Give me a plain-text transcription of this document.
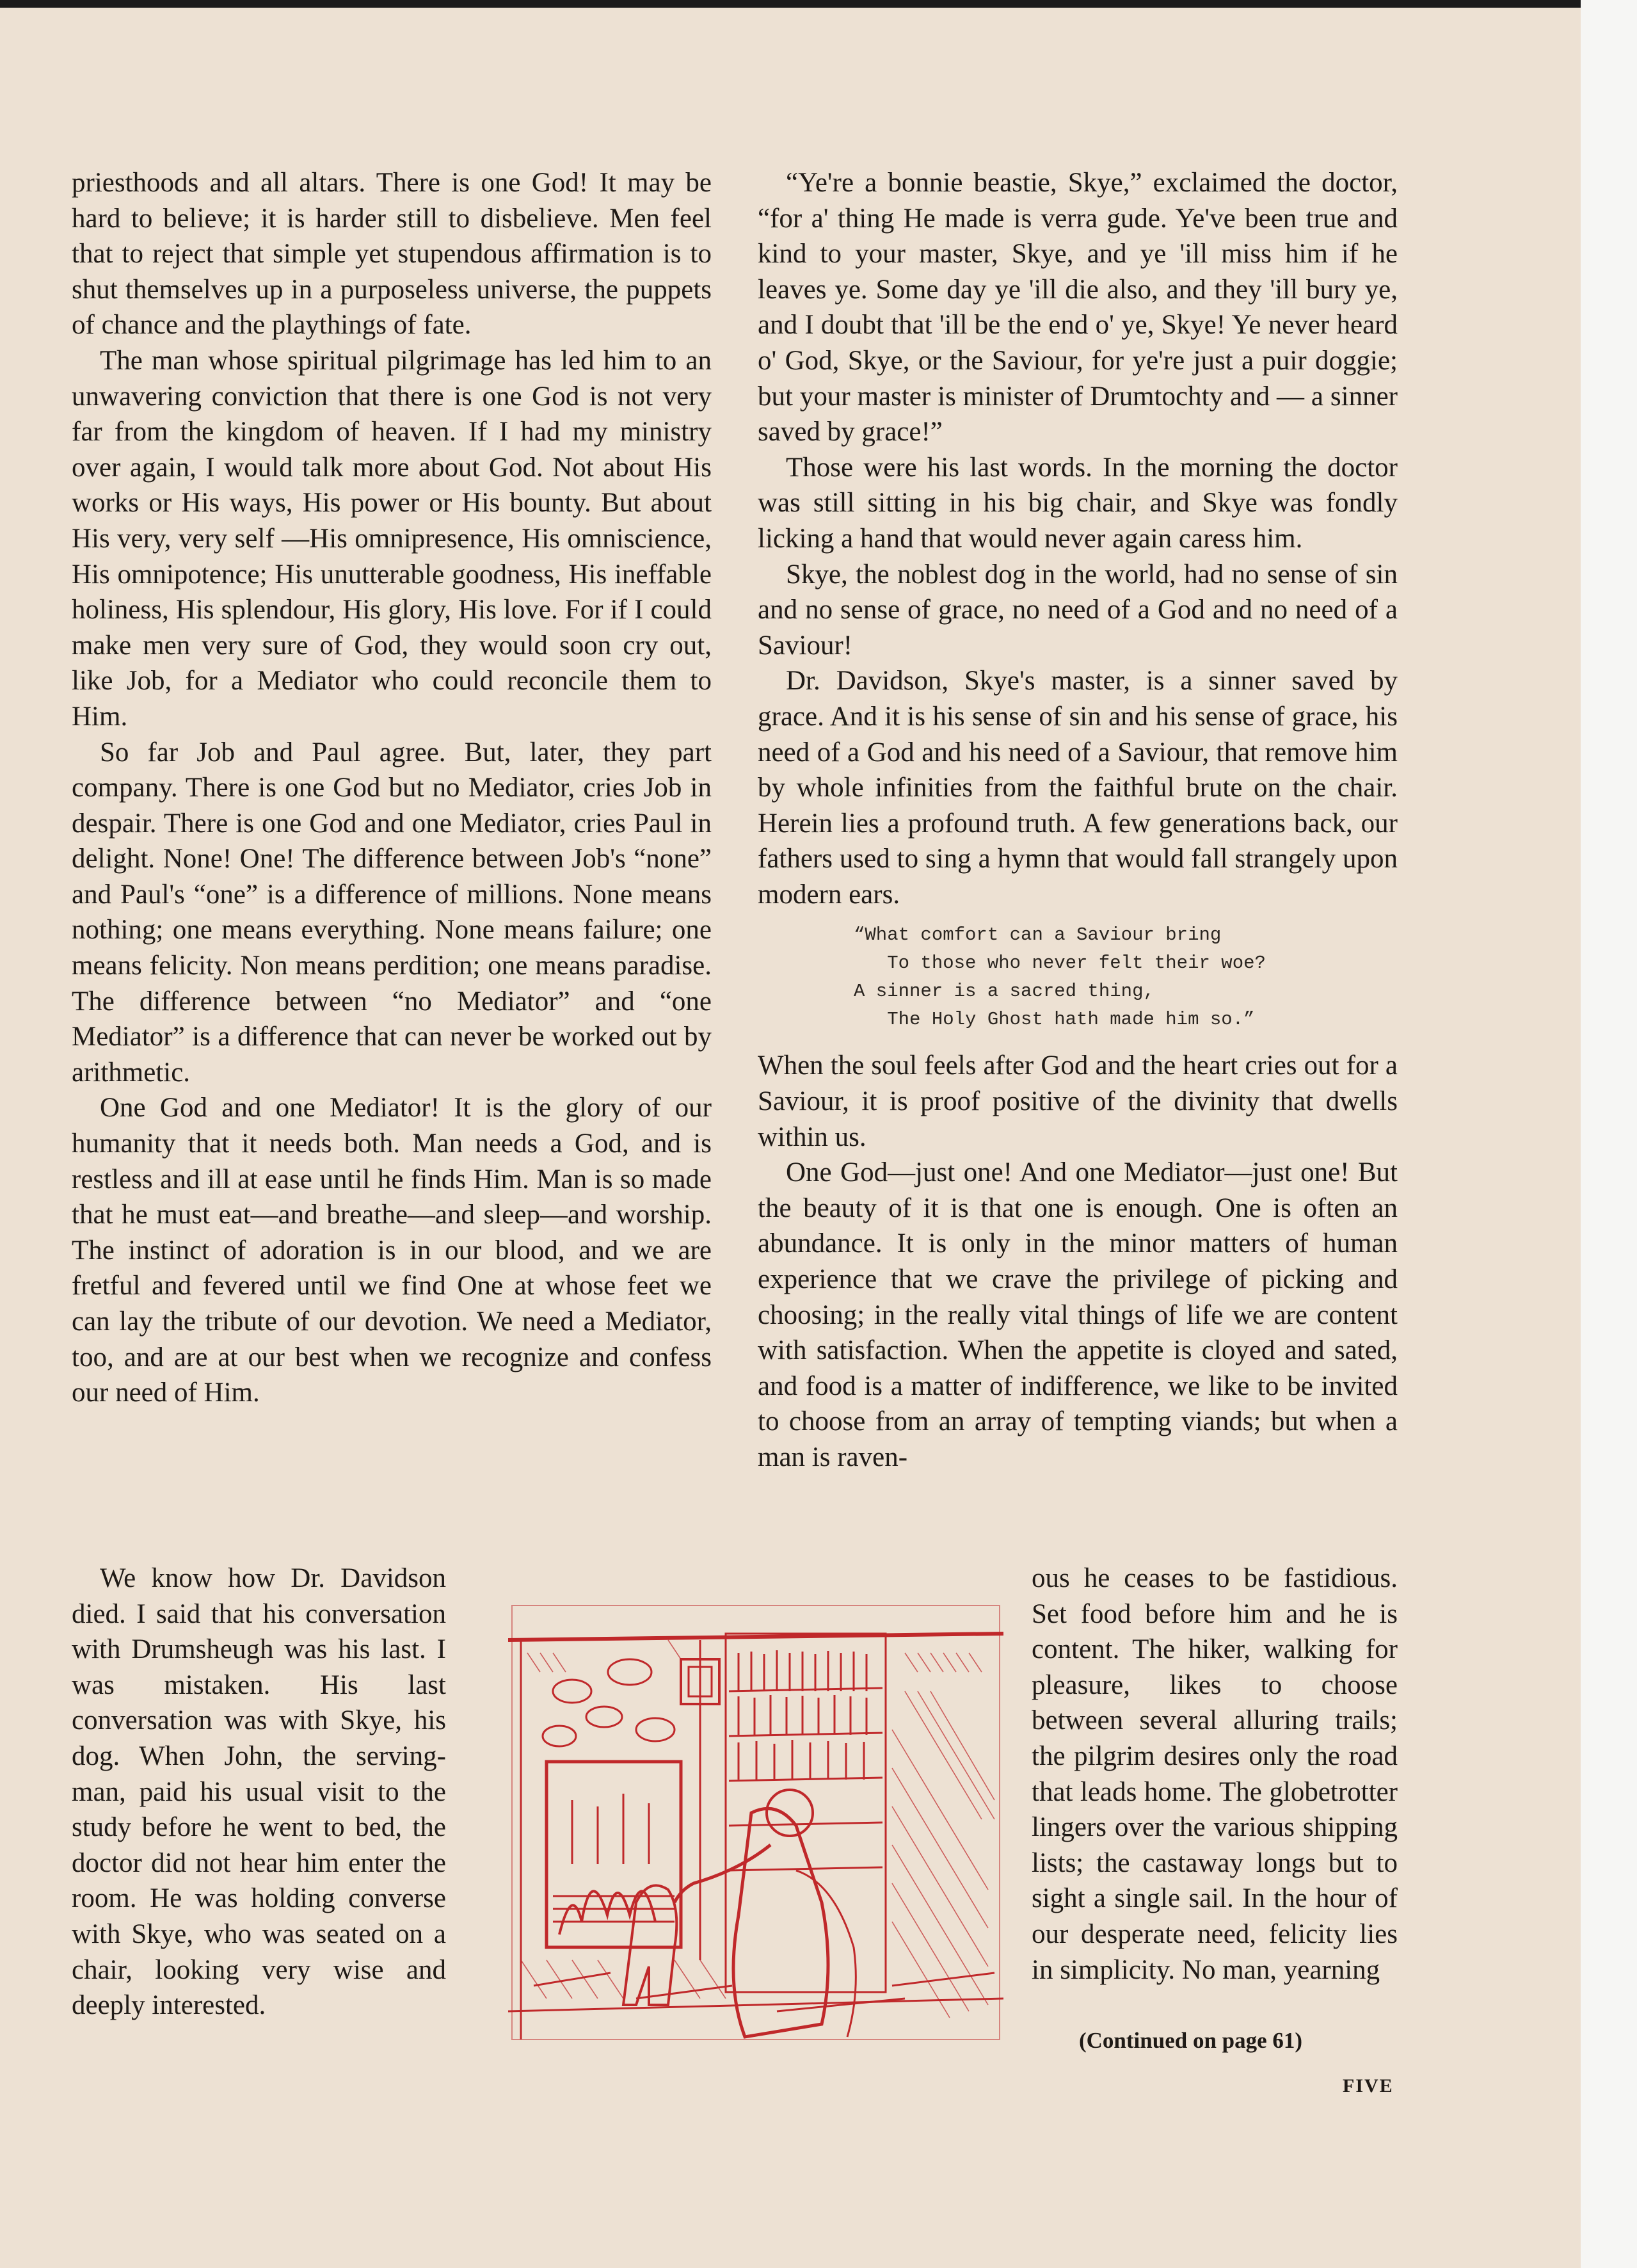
priesthoods and all altars. There is one God! It may be hard to believe; it is harder still to disbelieve. Men feel that to reject that simple yet stupendous affirmation is to shut themselves up in a purposeless universe, the puppets of chance and the playthings of fate.

The man whose spiritual pilgrimage has led him to an unwavering conviction that there is one God is not very far from the kingdom of heaven. If I had my ministry over again, I would talk more about God. Not about His works or His ways, His power or His bounty. But about His very, very self —His omnipresence, His omniscience, His omnipotence; His unutterable goodness, His ineffable holiness, His splendour, His glory, His love. For if I could make men very sure of God, they would soon cry out, like Job, for a Mediator who could reconcile them to Him.

So far Job and Paul agree. But, later, they part company. There is one God but no Mediator, cries Job in despair. There is one God and one Mediator, cries Paul in delight. None! One! The difference between Job's “none” and Paul's “one” is a difference of millions. None means nothing; one means everything. None means failure; one means felicity. Non means perdition; one means paradise. The difference between “no Mediator” and “one Mediator” is a difference that can never be worked out by arithmetic.

One God and one Mediator! It is the glory of our humanity that it needs both. Man needs a God, and is restless and ill at ease until he finds Him. Man is so made that he must eat—and breathe—and sleep—and worship. The instinct of adoration is in our blood, and we are fretful and fevered until we find One at whose feet we can lay the tribute of our devotion. We need a Mediator, too, and are at our best when we recognize and confess our need of Him.

“Ye're a bonnie beastie, Skye,” exclaimed the doctor, “for a' thing He made is verra gude. Ye've been true and kind to your master, Skye, and ye 'ill miss him if he leaves ye. Some day ye 'ill die also, and they 'ill bury ye, and I doubt that 'ill be the end o' ye, Skye! Ye never heard o' God, Skye, or the Saviour, for ye're just a puir doggie; but your master is minister of Drumtochty and — a sinner saved by grace!”

Those were his last words. In the morning the doctor was still sitting in his big chair, and Skye was fondly licking a hand that would never again caress him.

Skye, the noblest dog in the world, had no sense of sin and no sense of grace, no need of a God and no need of a Saviour!

Dr. Davidson, Skye's master, is a sinner saved by grace. And it is his sense of sin and his sense of grace, his need of a God and his need of a Saviour, that remove him by whole infinities from the faithful brute on the chair. Herein lies a profound truth. A few generations back, our fathers used to sing a hymn that would fall strangely upon modern ears.

“What comfort can a Saviour bring
To those who never felt their woe?
A sinner is a sacred thing,
The Holy Ghost hath made him so.”

When the soul feels after God and the heart cries out for a Saviour, it is proof positive of the divinity that dwells within us.

One God—just one! And one Mediator—just one! But the beauty of it is that one is enough. One is often an abundance. It is only in the minor matters of human experience that we crave the privilege of picking and choosing; in the really vital things of life we are content with satisfaction. When the appetite is cloyed and sated, and food is a matter of indifference, we like to be invited to choose from an array of tempting viands; but when a man is raven-

We know how Dr. Davidson died. I said that his conversation with Drumsheugh was his last. I was mistaken. His last conversation was with Skye, his dog. When John, the serving-man, paid his usual visit to the study before he went to bed, the doctor did not hear him enter the room. He was holding converse with Skye, who was seated on a chair, looking very wise and deeply interested.

ous he ceases to be fastidious. Set food before him and he is content. The hiker, walking for pleasure, likes to choose between several alluring trails; the pilgrim desires only the road that leads home. The globetrotter lingers over the various shipping lists; the castaway longs but to sight a single sail. In the hour of our desperate need, felicity lies in simplicity. No man, yearning

(Continued on page 61)
FIVE
